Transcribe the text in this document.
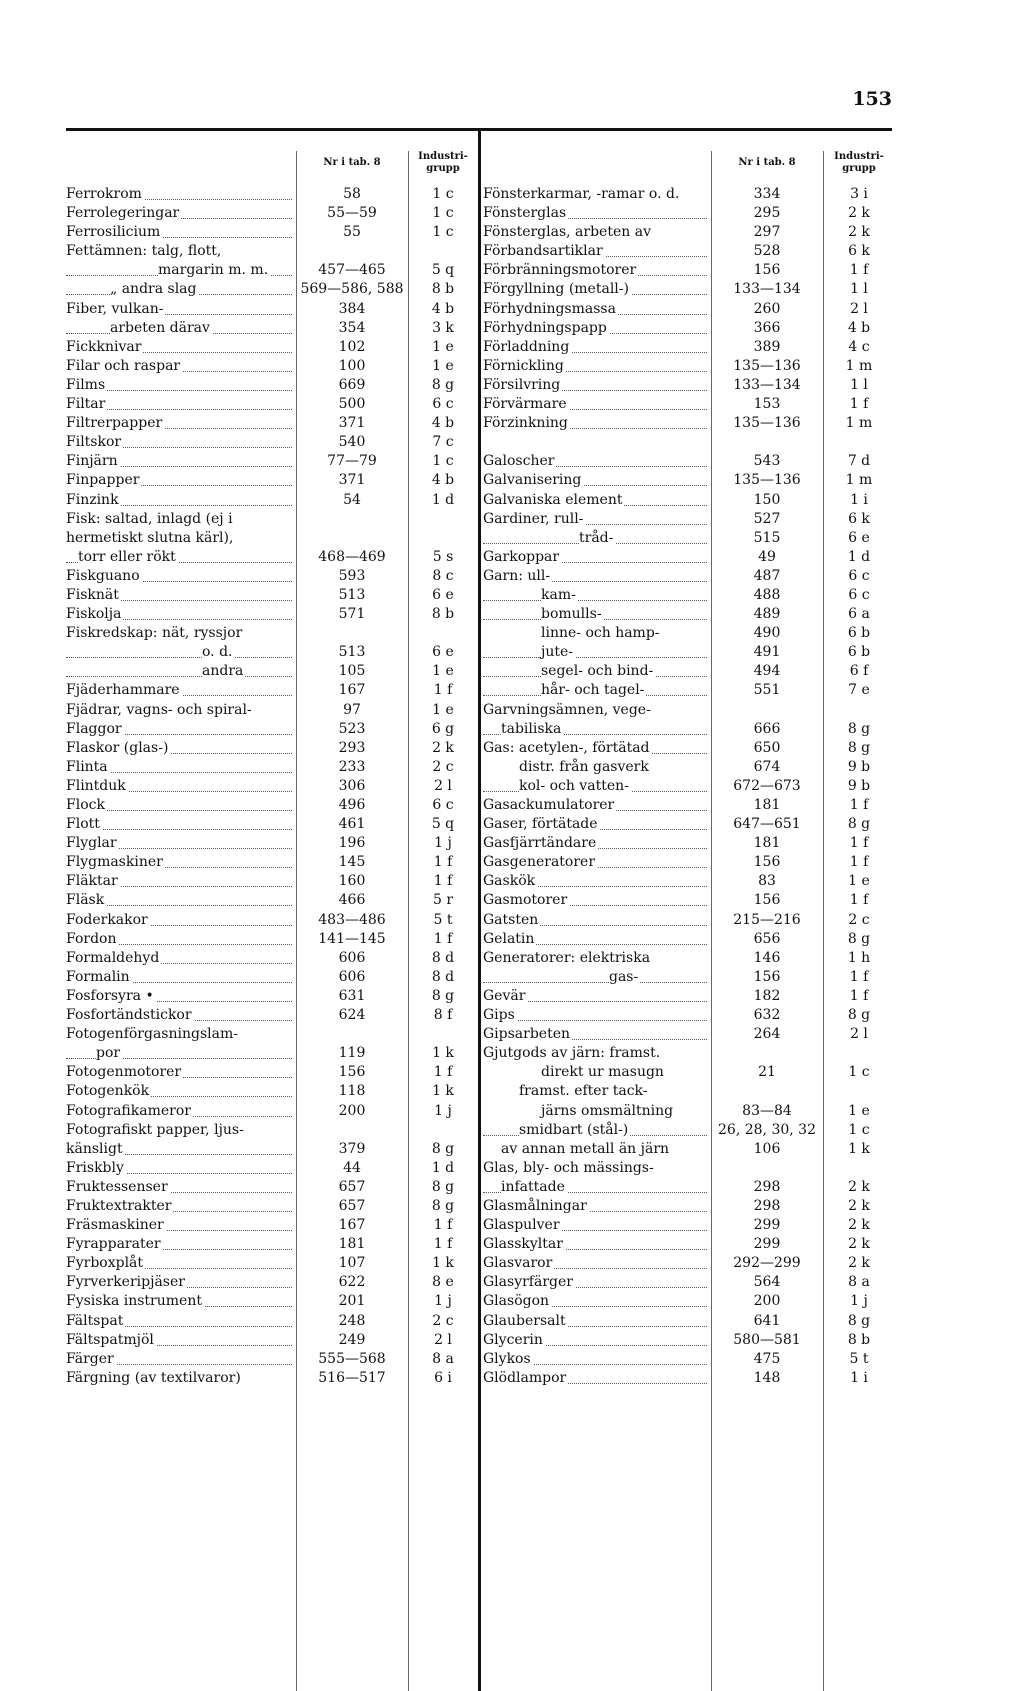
153
Nr i tab. 8
Industri-
grupp
Ferrokrom	58	1 c
Ferrolegeringar	55—59	1 c
Ferrosilicium	55	1 c
Fettämnen: talg, flott,
margarin m. m.	457—465	5 q
„ andra slag	569—586, 588	8 b
Fiber, vulkan-	384	4 b
arbeten därav	354	3 k
Fickknivar	102	1 e
Filar och raspar	100	1 e
Films	669	8 g
Filtar	500	6 c
Filtrerpapper	371	4 b
Filtskor	540	7 c
Finjärn	77—79	1 c
Finpapper	371	4 b
Finzink	54	1 d
Fisk: saltad, inlagd (ej i
hermetiskt slutna kärl),
torr eller rökt	468—469	5 s
Fiskguano	593	8 c
Fisknät	513	6 e
Fiskolja	571	8 b
Fiskredskap: nät, ryssjor
o. d.	513	6 e
andra	105	1 e
Fjäderhammare	167	1 f
Fjädrar, vagns- och spiral-	97	1 e
Flaggor	523	6 g
Flaskor (glas-)	293	2 k
Flinta	233	2 c
Flintduk	306	2 l
Flock	496	6 c
Flott	461	5 q
Flyglar	196	1 j
Flygmaskiner	145	1 f
Fläktar	160	1 f
Fläsk	466	5 r
Foderkakor	483—486	5 t
Fordon	141—145	1 f
Formaldehyd	606	8 d
Formalin	606	8 d
Fosforsyra •	631	8 g
Fosfortändstickor	624	8 f
Fotogenförgasningslam-
por	119	1 k
Fotogenmotorer	156	1 f
Fotogenkök	118	1 k
Fotografikameror	200	1 j
Fotografiskt papper, ljus-
känsligt	379	8 g
Friskbly	44	1 d
Fruktessenser	657	8 g
Fruktextrakter	657	8 g
Fräsmaskiner	167	1 f
Fyrapparater	181	1 f
Fyrboxplåt	107	1 k
Fyrverkeripjäser	622	8 e
Fysiska instrument	201	1 j
Fältspat	248	2 c
Fältspatmjöl	249	2 l
Färger	555—568	8 a
Färgning (av textilvaror)	516—517	6 i
Nr i tab. 8
Industri-
grupp
Fönsterkarmar, -ramar o. d.	334	3 i
Fönsterglas	295	2 k
Fönsterglas, arbeten av	297	2 k
Förbandsartiklar	528	6 k
Förbränningsmotorer	156	1 f
Förgyllning (metall-)	133—134	1 l
Förhydningsmassa	260	2 l
Förhydningspapp	366	4 b
Förladdning	389	4 c
Förnickling	135—136	1 m
Försilvring	133—134	1 l
Förvärmare	153	1 f
Förzinkning	135—136	1 m
Galoscher	543	7 d
Galvanisering	135—136	1 m
Galvaniska element	150	1 i
Gardiner, rull-	527	6 k
tråd-	515	6 e
Garkoppar	49	1 d
Garn: ull-	487	6 c
kam-	488	6 c
bomulls-	489	6 a
linne- och hamp-	490	6 b
jute-	491	6 b
segel- och bind-	494	6 f
hår- och tagel-	551	7 e
Garvningsämnen, vege-
tabiliska	666	8 g
Gas: acetylen-, förtätad	650	8 g
distr. från gasverk	674	9 b
kol- och vatten-	672—673	9 b
Gasackumulatorer	181	1 f
Gaser, förtätade	647—651	8 g
Gasfjärrtändare	181	1 f
Gasgeneratorer	156	1 f
Gaskök	83	1 e
Gasmotorer	156	1 f
Gatsten	215—216	2 c
Gelatin	656	8 g
Generatorer: elektriska	146	1 h
gas-	156	1 f
Gevär	182	1 f
Gips	632	8 g
Gipsarbeten	264	2 l
Gjutgods av järn: framst.
direkt ur masugn	21	1 c
framst. efter tack-
järns omsmältning	83—84	1 e
smidbart (stål-)	26, 28, 30, 32	1 c
av annan metall än järn	106	1 k
Glas, bly- och mässings-
infattade	298	2 k
Glasmålningar	298	2 k
Glaspulver	299	2 k
Glasskyltar	299	2 k
Glasvaror	292—299	2 k
Glasyrfärger	564	8 a
Glasögon	200	1 j
Glaubersalt	641	8 g
Glycerin	580—581	8 b
Glykos	475	5 t
Glödlampor	148	1 i
